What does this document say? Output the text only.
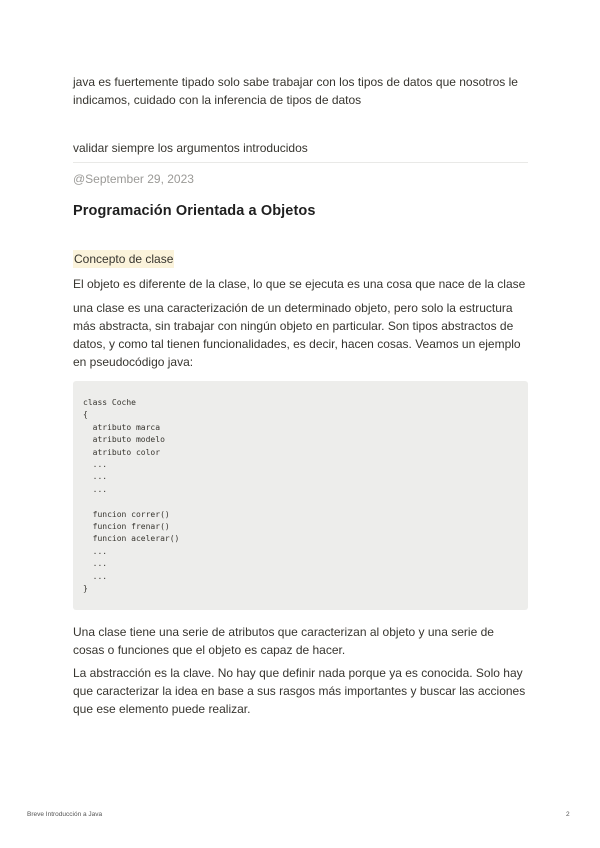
java es fuertemente tipado solo sabe trabajar con los tipos de datos que nosotros le indicamos, cuidado con la inferencia de tipos de datos

validar siempre los argumentos introducidos

@September 29, 2023
Programación Orientada a Objetos
Concepto de clase

El objeto es diferente de la clase, lo que se ejecuta es una cosa que nace de la clase

una clase es una caracterización de un determinado objeto, pero solo la estructura más abstracta, sin trabajar con ningún objeto en particular. Son tipos abstractos de datos, y como tal tienen funcionalidades, es decir, hacen cosas. Veamos un ejemplo en pseudocódigo java:

class Coche
{
atributo marca
atributo modelo
atributo color
...
...
...

funcion correr()
funcion frenar()
funcion acelerar()
...
...
...
}

Una clase tiene una serie de atributos que caracterizan al objeto y una serie de cosas o funciones que el objeto es capaz de hacer.

La abstracción es la clave. No hay que definir nada porque ya es conocida. Solo hay que caracterizar la idea en base a sus rasgos más importantes y buscar las acciones que ese elemento puede realizar.

Breve Introducción a Java	2
